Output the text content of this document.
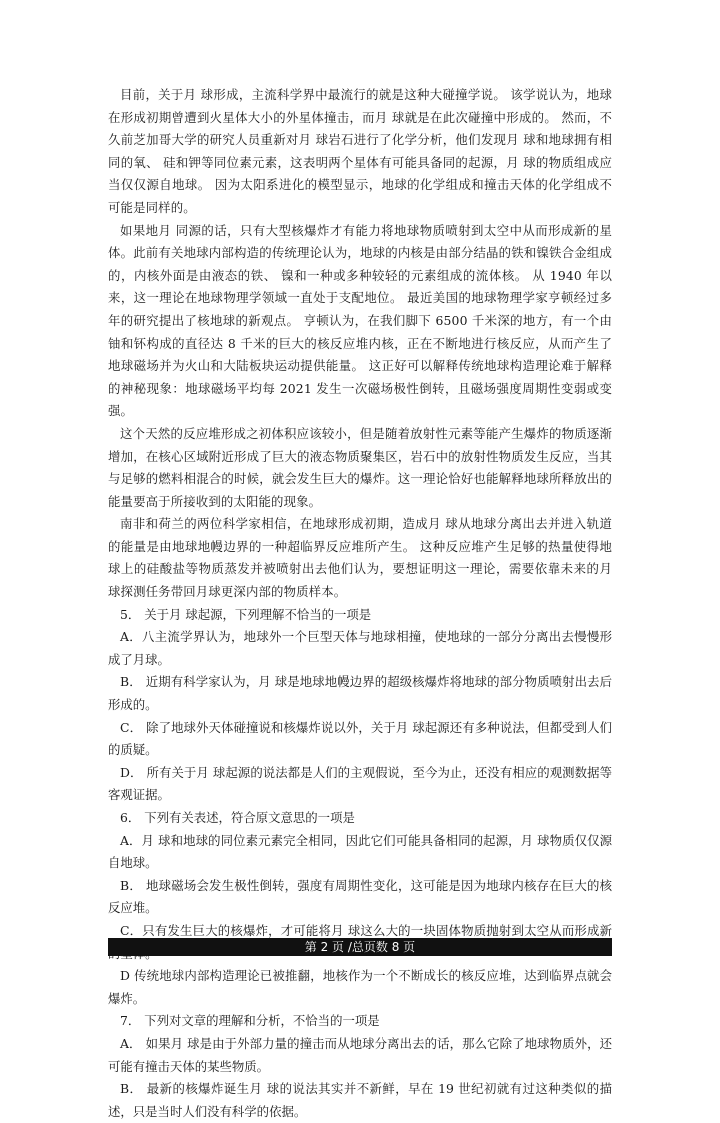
目前，关于月 球形成，主流科学界中最流行的就是这种大碰撞学说。 该学说认为，地球在形成初期曾遭到火星体大小的外星体撞击，而月 球就是在此次碰撞中形成的。 然而，不久前芝加哥大学的研究人员重新对月 球岩石进行了化学分析，他们发现月 球和地球拥有相同的氧、 硅和钾等同位素元素，这表明两个星体有可能具备同的起源，月 球的物质组成应当仅仅源自地球。 因为太阳系进化的模型显示，地球的化学组成和撞击天体的化学组成不可能是同样的。

如果地月 同源的话，只有大型核爆炸才有能力将地球物质喷射到太空中从而形成新的星体。此前有关地球内部构造的传统理论认为，地球的内核是由部分结晶的铁和镍铁合金组成的，内核外面是由液态的铁、 镍和一种或多种较轻的元素组成的流体核。 从 1940 年以来，这一理论在地球物理学领域一直处于支配地位。 最近美国的地球物理学家亨顿经过多年的研究提出了核地球的新观点。 亨顿认为，在我们脚下 6500 千米深的地方，有一个由铀和钚构成的直径达 8 千米的巨大的核反应堆内核，正在不断地进行核反应，从而产生了地球磁场并为火山和大陆板块运动提供能量。 这正好可以解释传统地球构造理论难于解释的神秘现象：地球磁场平均每 2021 发生一次磁场极性倒转，且磁场强度周期性变弱或变强。

这个天然的反应堆形成之初体积应该较小，但是随着放射性元素等能产生爆炸的物质逐渐增加，在核心区域附近形成了巨大的液态物质聚集区，岩石中的放射性物质发生反应，当其与足够的燃料相混合的时候，就会发生巨大的爆炸。这一理论恰好也能解释地球所释放出的能量要高于所接收到的太阳能的现象。

南非和荷兰的两位科学家相信，在地球形成初期，造成月 球从地球分离出去并进入轨道的能量是由地球地幔边界的一种超临界反应堆所产生。 这种反应堆产生足够的热量使得地球上的硅酸盐等物质蒸发并被喷射出去他们认为，要想证明这一理论，需要依靠未来的月 球探测任务带回月球更深内部的物质样本。

5． 关于月 球起源，下列理解不恰当的一项是

A．八主流学界认为，地球外一个巨型天体与地球相撞，使地球的一部分分离出去慢慢形成了月球。

B． 近期有科学家认为，月 球是地球地幔边界的超级核爆炸将地球的部分物质喷射出去后形成的。

C． 除了地球外天体碰撞说和核爆炸说以外，关于月 球起源还有多种说法，但都受到人们的质疑。

D． 所有关于月 球起源的说法都是人们的主观假说，至今为止，还没有相应的观测数据等客观证据。

6． 下列有关表述，符合原文意思的一项是

A．月 球和地球的同位素元素完全相同，因此它们可能具备相同的起源，月 球物质仅仅源自地球。

B． 地球磁场会发生极性倒转，强度有周期性变化，这可能是因为地球内核存在巨大的核反应堆。

C．只有发生巨大的核爆炸，才可能将月 球这么大的一块固体物质抛射到太空从而形成新

D 传统地球内部构造理论已被推翻，地核作为一个不断成长的核反应堆，达到临界点就会爆炸。

7． 下列对文章的理解和分析，不恰当的一项是

A． 如果月 球是由于外部力量的撞击而从地球分离出去的话，那么它除了地球物质外，还可能有撞击天体的某些物质。

B． 最新的核爆炸诞生月 球的说法其实并不新鲜，早在 19 世纪初就有过这种类似的描述，只是当时人们没有科学的依据。

第 2 页 /总页数 8 页
